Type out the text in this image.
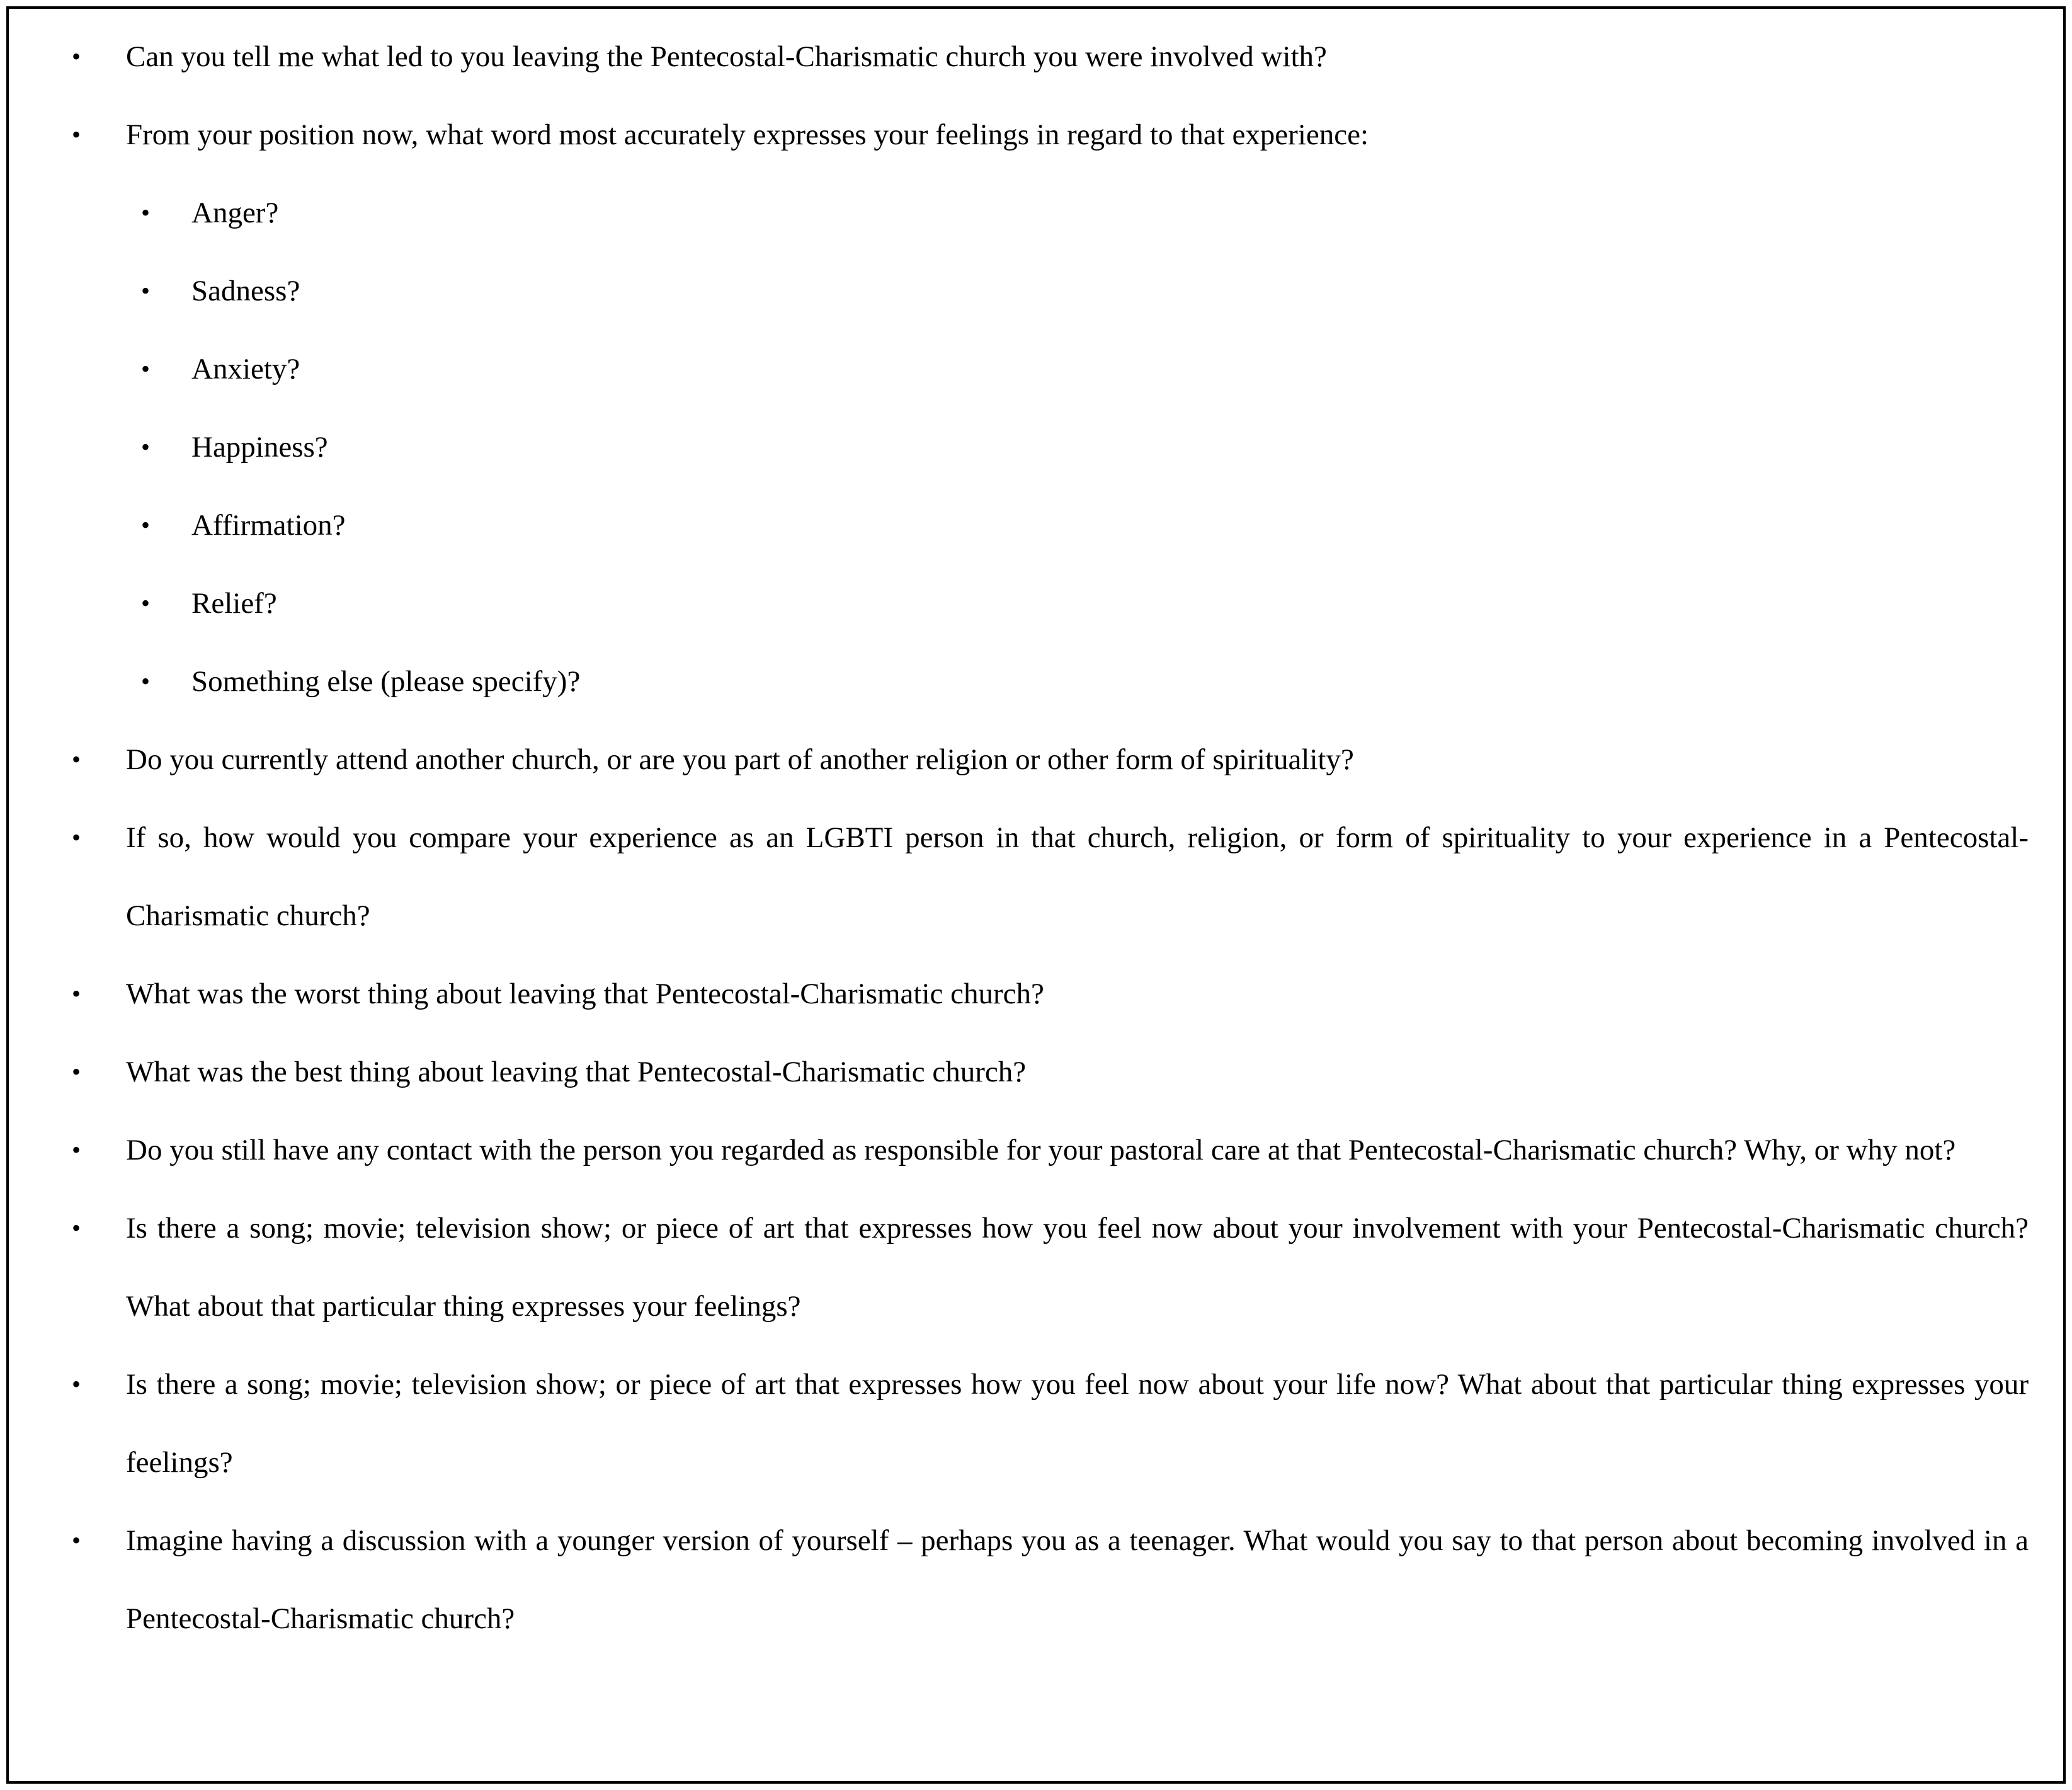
•	Can you tell me what led to you leaving the Pentecostal-Charismatic church you were involved with?
•	From your position now, what word most accurately expresses your feelings in regard to that experience:
•	Anger?
•	Sadness?
•	Anxiety?
•	Happiness?
•	Affirmation?
•	Relief?
•	Something else (please specify)?
•	Do you currently attend another church, or are you part of another religion or other form of spirituality?
•	If so, how would you compare your experience as an LGBTI person in that church, religion, or form of spirituality to your experience in a Pentecostal-Charismatic church?
•	What was the worst thing about leaving that Pentecostal-Charismatic church?
•	What was the best thing about leaving that Pentecostal-Charismatic church?
•	Do you still have any contact with the person you regarded as responsible for your pastoral care at that Pentecostal-Charismatic church? Why, or why not?
•	Is there a song; movie; television show; or piece of art that expresses how you feel now about your involvement with your Pentecostal-Charismatic church? What about that particular thing expresses your feelings?
•	Is there a song; movie; television show; or piece of art that expresses how you feel now about your life now? What about that particular thing expresses your feelings?
•	Imagine having a discussion with a younger version of yourself – perhaps you as a teenager. What would you say to that person about becoming involved in a Pentecostal-Charismatic church?
